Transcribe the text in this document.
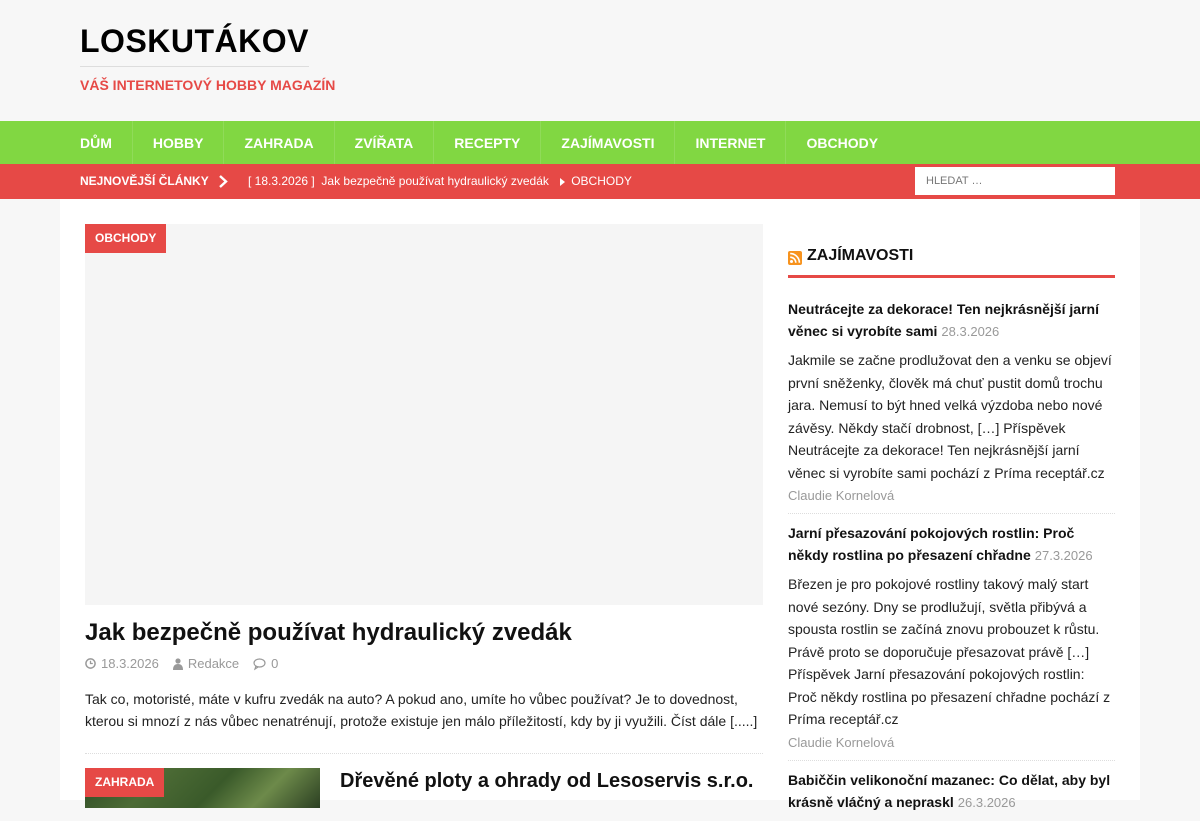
LOSKUTÁKOV
VÁŠ INTERNETOVÝ HOBBY MAGAZÍN
DŮM	HOBBY	ZAHRADA	ZVÍŘATA	RECEPTY	ZAJÍMAVOSTI	INTERNET	OBCHODY
NEJNOVĚJŠÍ ČLÁNKY	[ 18.3.2026 ] Jak bezpečně používat hydraulický zvedák OBCHODY
HLEDAT …
OBCHODY
Jak bezpečně používat hydraulický zvedák
18.3.2026 Redakce 0

Tak co, motoristé, máte v kufru zvedák na auto? A pokud ano, umíte ho vůbec používat? Je to dovednost, kterou si mnozí z nás vůbec nenatrénují, protože existuje jen málo příležitostí, kdy by ji využili. Číst dále [.....]

ZAHRADA	Dřevěné ploty a ohrady od Lesoservis s.r.o.
ZAJÍMAVOSTI
Neutrácejte za dekorace! Ten nejkrásnější jarní věnec si vyrobíte sami 28.3.2026
Jakmile se začne prodlužovat den a venku se objeví první sněženky, člověk má chuť pustit domů trochu jara. Nemusí to být hned velká výzdoba nebo nové závěsy. Někdy stačí drobnost, […] Příspěvek Neutrácejte za dekorace! Ten nejkrásnější jarní věnec si vyrobíte sami pochází z Príma receptář.cz
Claudie Kornelová
Jarní přesazování pokojových rostlin: Proč někdy rostlina po přesazení chřadne 27.3.2026
Březen je pro pokojové rostliny takový malý start nové sezóny. Dny se prodlužují, světla přibývá a spousta rostlin se začíná znovu probouzet k růstu. Právě proto se doporučuje přesazovat právě […] Příspěvek Jarní přesazování pokojových rostlin: Proč někdy rostlina po přesazení chřadne pochází z Príma receptář.cz
Claudie Kornelová
Babiččin velikonoční mazanec: Co dělat, aby byl krásně vláčný a nepraskl 26.3.2026
